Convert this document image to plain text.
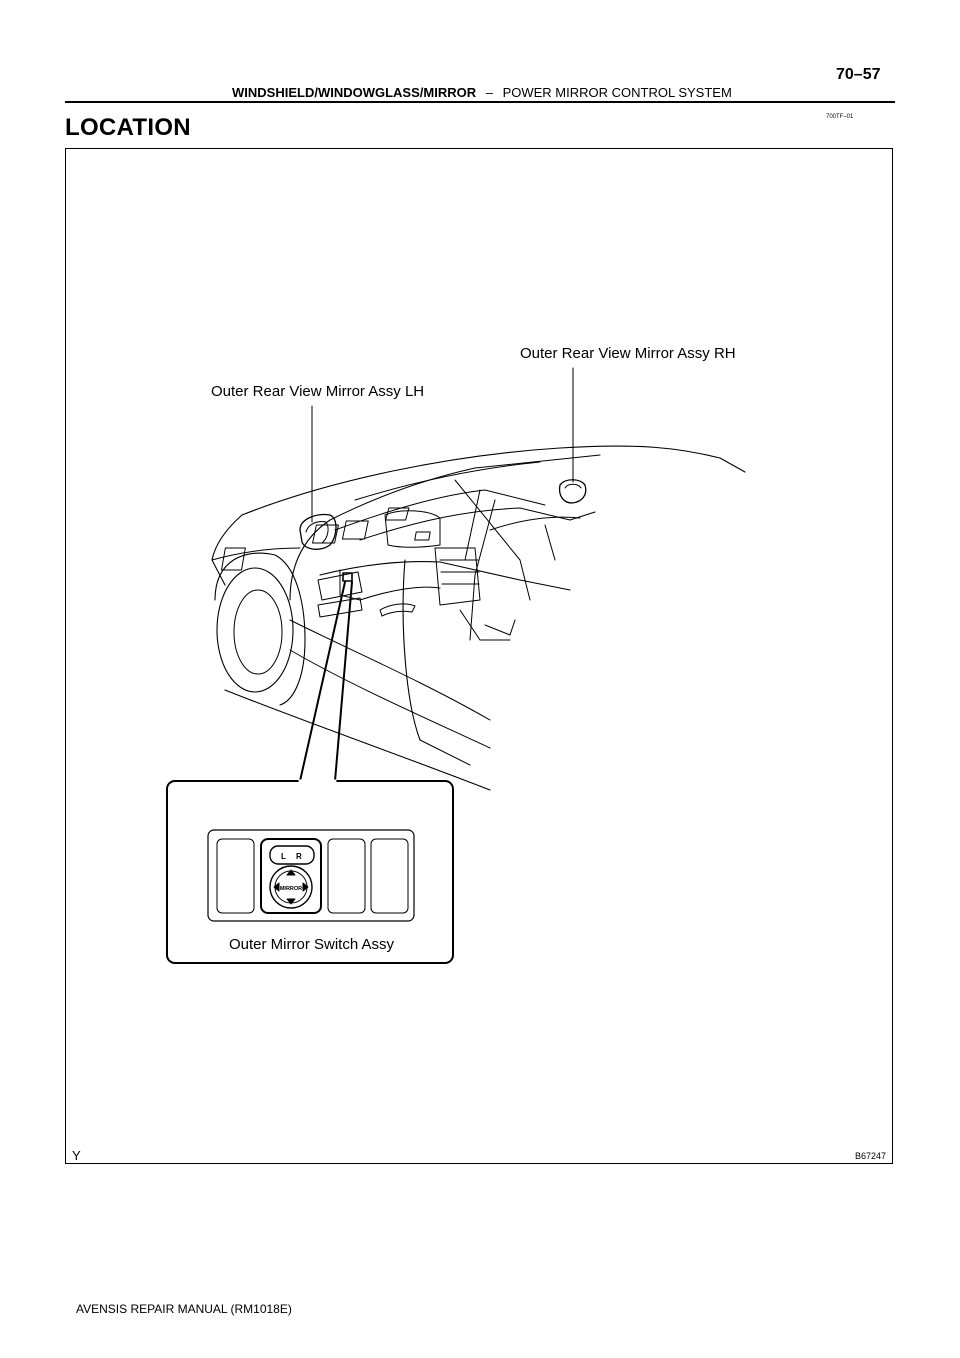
70–57
WINDSHIELD/WINDOWGLASS/MIRROR – POWER MIRROR CONTROL SYSTEM
700TF–01
LOCATION
L R
MIRROR
Outer Rear View Mirror Assy RH
Outer Rear View Mirror Assy LH
Outer Mirror Switch Assy
Y	B67247
AVENSIS REPAIR MANUAL (RM1018E)
